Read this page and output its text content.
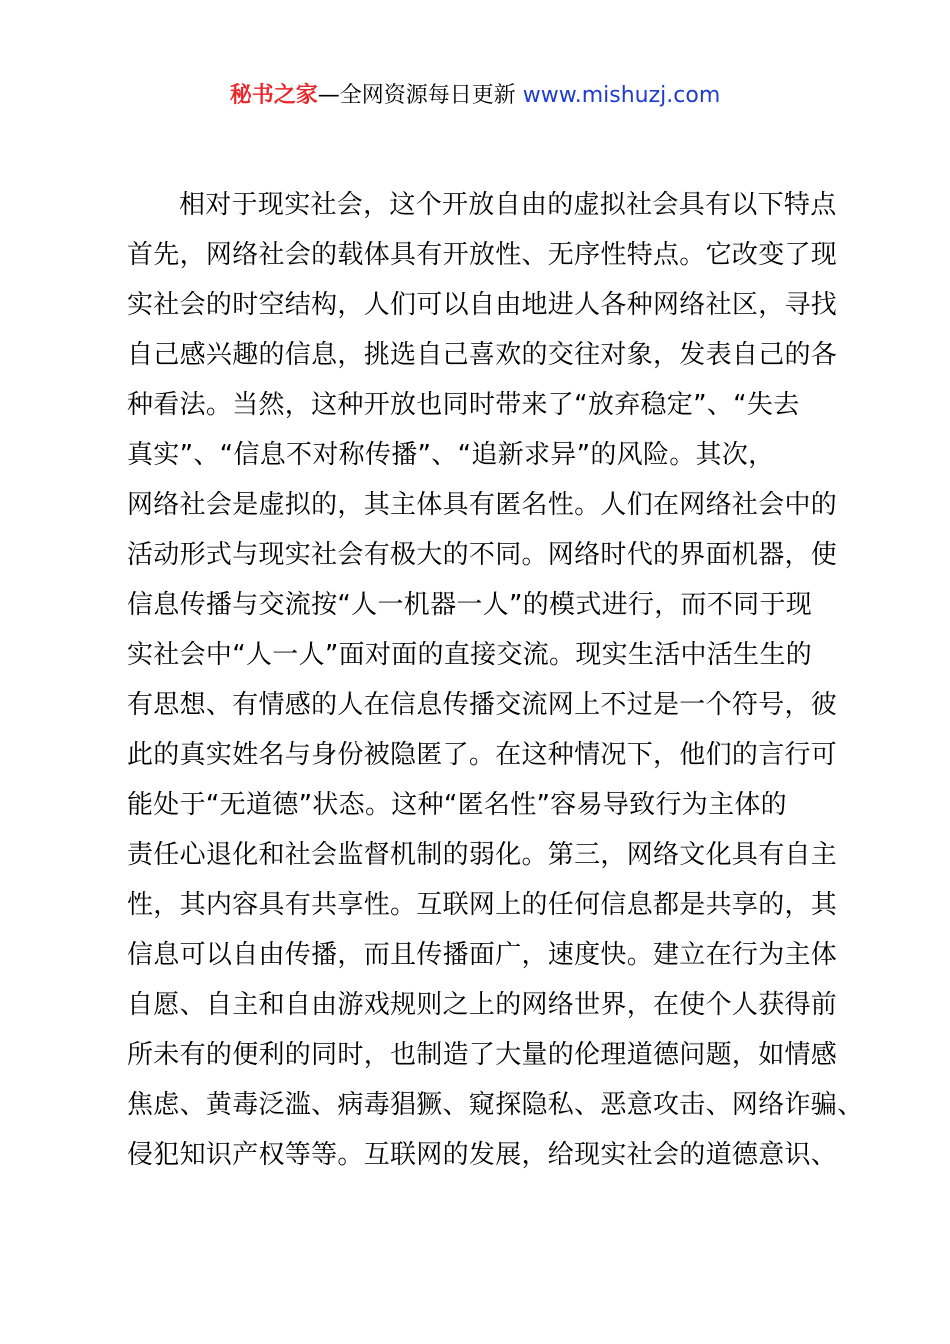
秘书之家—全网资源每日更新 www.mishuzj.com
相对于现实社会，这个开放自由的虚拟社会具有以下特点
首先，网络社会的载体具有开放性、无序性特点。它改变了现
实社会的时空结构，人们可以自由地进人各种网络社区，寻找
自己感兴趣的信息，挑选自己喜欢的交往对象，发表自己的各
种看法。当然，这种开放也同时带来了“放弃稳定”、“失去
真实”、“信息不对称传播”、“追新求异”的风险。其次，
网络社会是虚拟的，其主体具有匿名性。人们在网络社会中的
活动形式与现实社会有极大的不同。网络时代的界面机器，使
信息传播与交流按“人一机器一人”的模式进行，而不同于现
实社会中“人一人”面对面的直接交流。现实生活中活生生的
有思想、有情感的人在信息传播交流网上不过是一个符号，彼
此的真实姓名与身份被隐匿了。在这种情况下，他们的言行可
能处于“无道德”状态。这种“匿名性”容易导致行为主体的
责任心退化和社会监督机制的弱化。第三，网络文化具有自主
性，其内容具有共享性。互联网上的任何信息都是共享的，其
信息可以自由传播，而且传播面广，速度快。建立在行为主体
自愿、自主和自由游戏规则之上的网络世界，在使个人获得前
所未有的便利的同时，也制造了大量的伦理道德问题，如情感
焦虑、黄毒泛滥、病毒猖獗、窥探隐私、恶意攻击、网络诈骗、
侵犯知识产权等等。互联网的发展，给现实社会的道德意识、
